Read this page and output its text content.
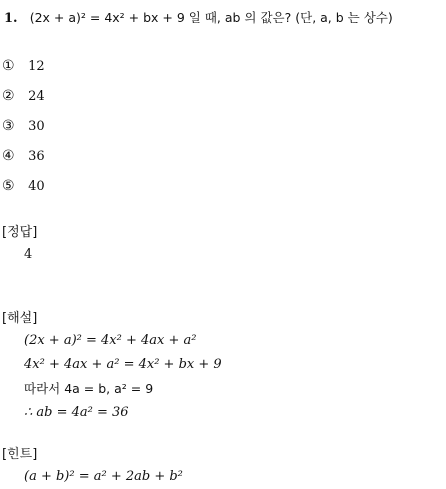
1. (2x + a)² = 4x² + bx + 9 일 때, ab 의 값은? (단, a, b 는 상수)
① 12
② 24
③ 30
④ 36
⑤ 40
[정답]
4
[해설]
(2x + a)² = 4x² + 4ax + a²
4x² + 4ax + a² = 4x² + bx + 9
따라서 4a = b, a² = 9
∴ ab = 4a² = 36
[힌트]
(a + b)² = a² + 2ab + b²
